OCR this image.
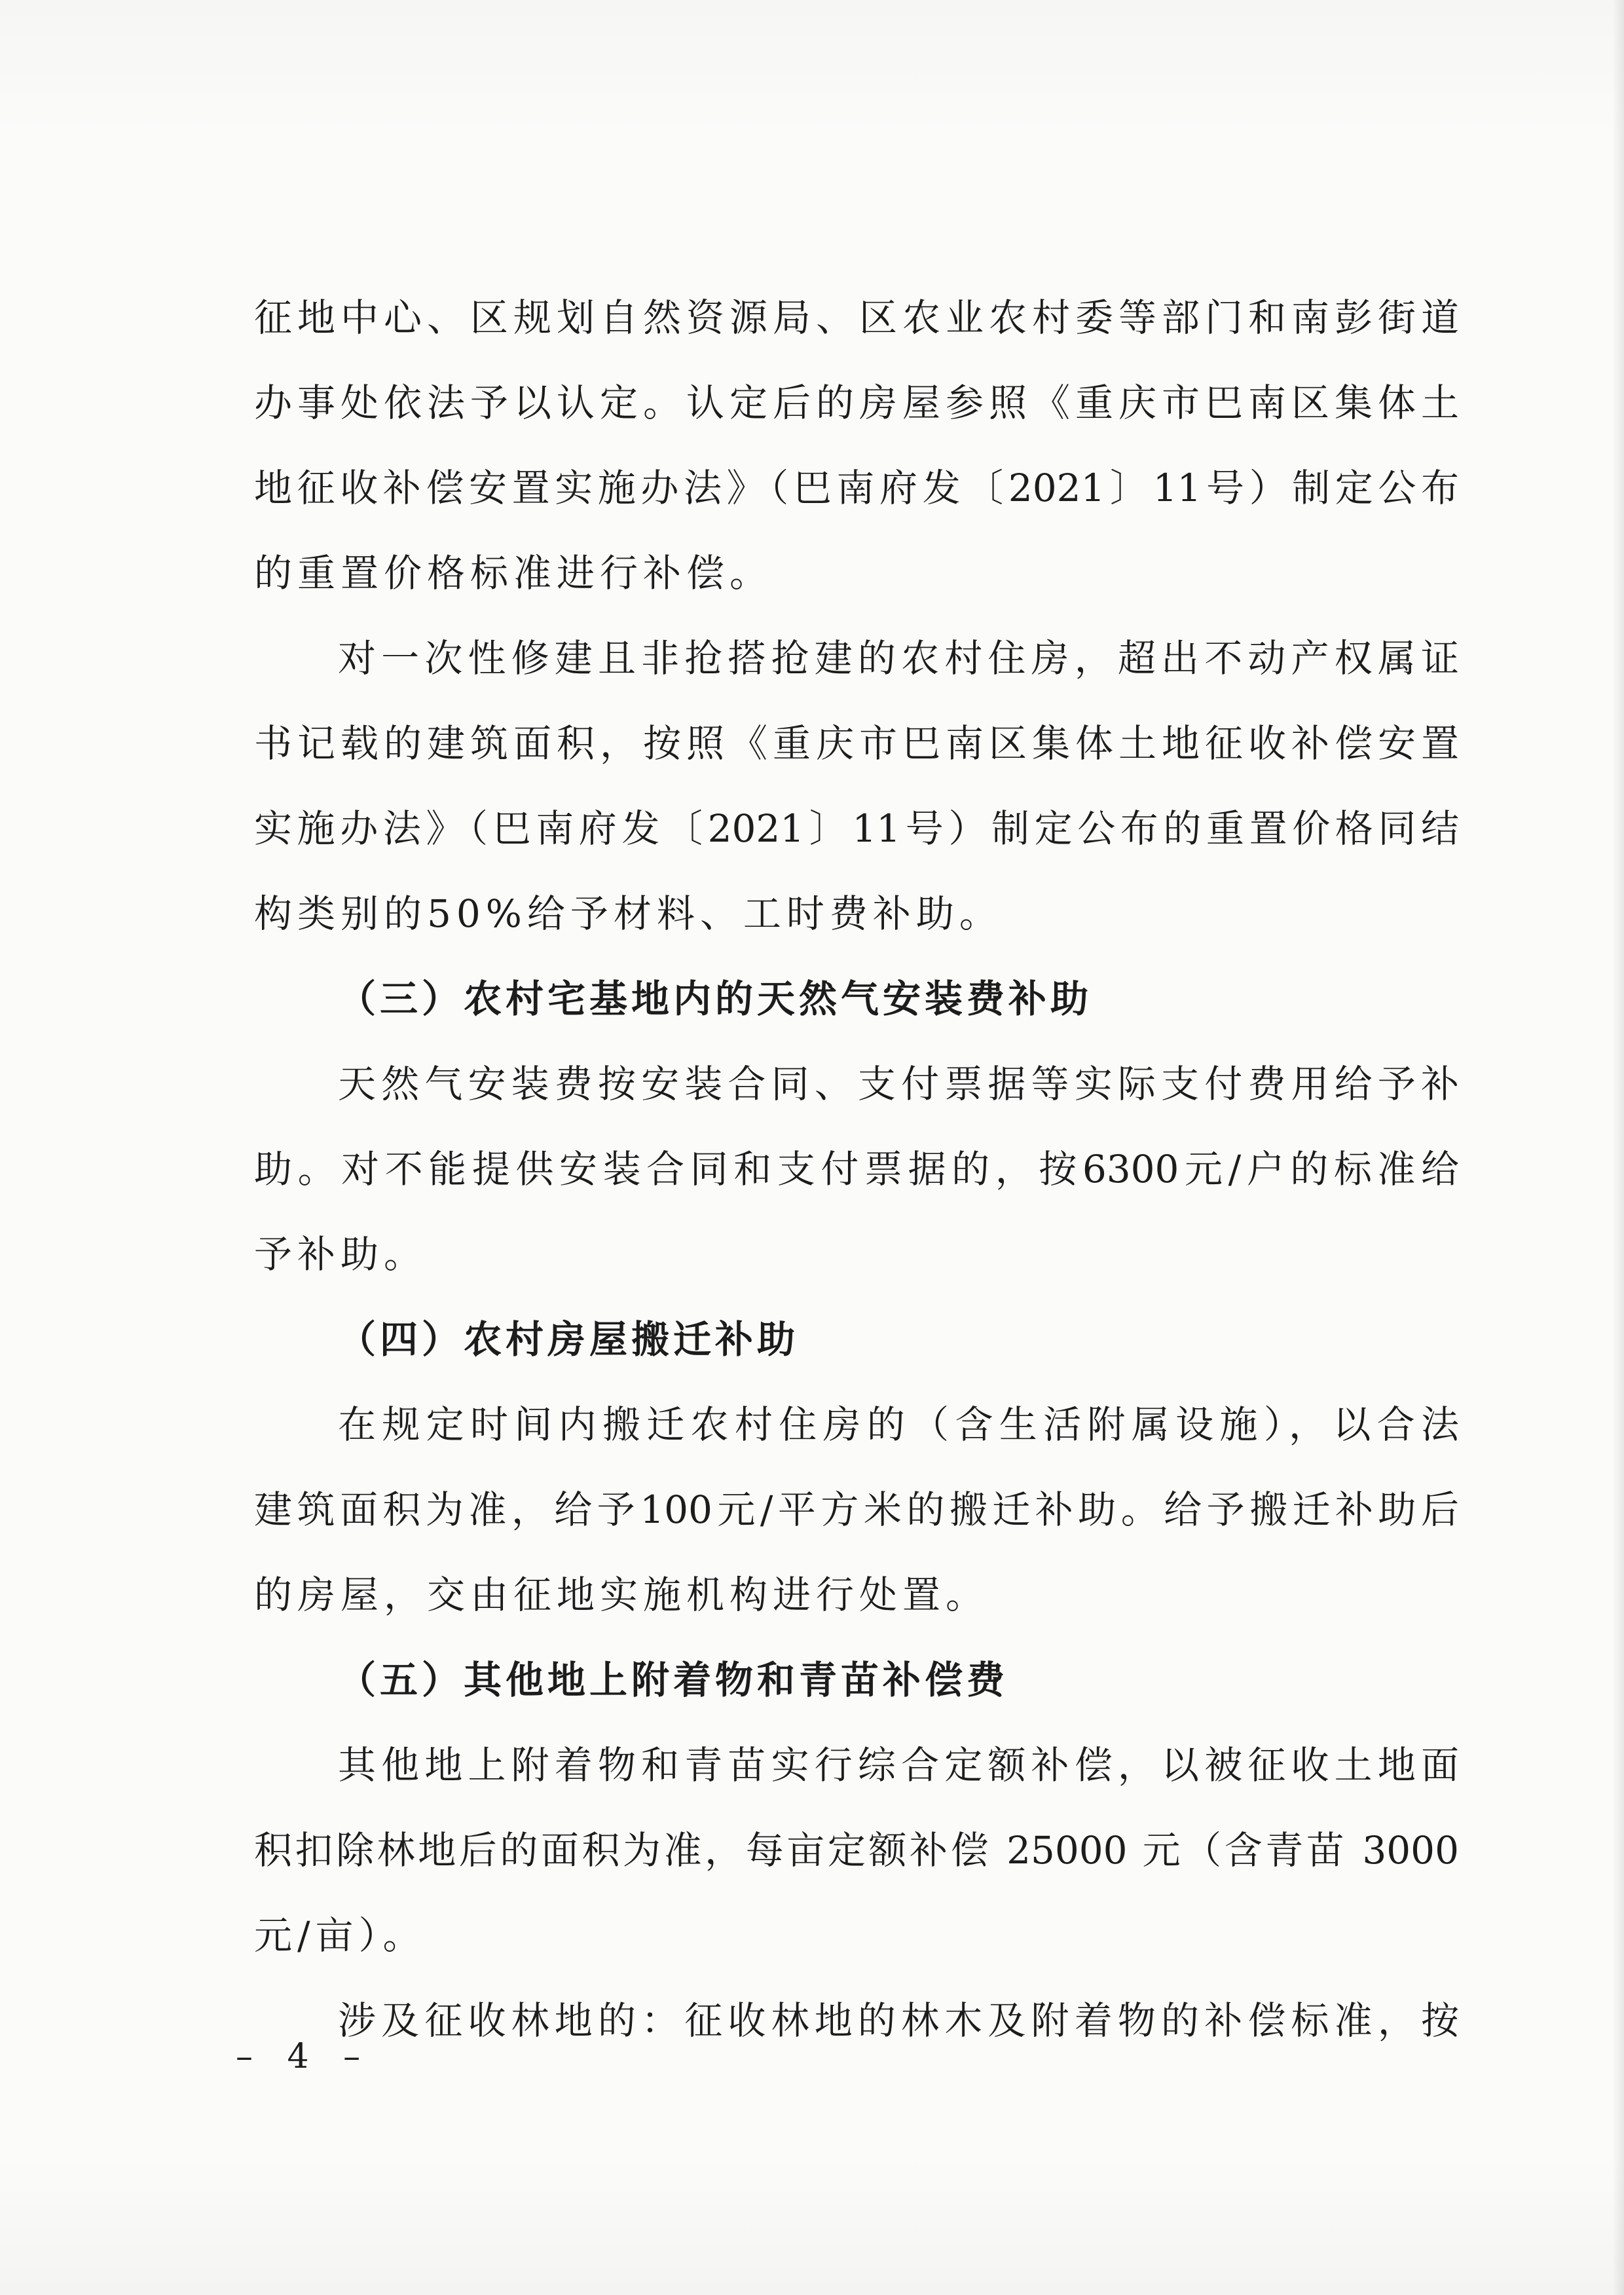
征地中心、区规划自然资源局、区农业农村委等部门和南彭街道
办事处依法予以认定。认定后的房屋参照《重庆市巴南区集体土
地征收补偿安置实施办法》（巴南府发〔2021〕11号）制定公布
的重置价格标准进行补偿。
对一次性修建且非抢搭抢建的农村住房，超出不动产权属证
书记载的建筑面积，按照《重庆市巴南区集体土地征收补偿安置
实施办法》（巴南府发〔2021〕11号）制定公布的重置价格同结
构类别的50%给予材料、工时费补助。
（三）农村宅基地内的天然气安装费补助
天然气安装费按安装合同、支付票据等实际支付费用给予补
助。对不能提供安装合同和支付票据的，按6300元/户的标准给
予补助。
（四）农村房屋搬迁补助
在规定时间内搬迁农村住房的（含生活附属设施），以合法
建筑面积为准，给予100元/平方米的搬迁补助。给予搬迁补助后
的房屋，交由征地实施机构进行处置。
（五）其他地上附着物和青苗补偿费
其他地上附着物和青苗实行综合定额补偿，以被征收土地面
积扣除林地后的面积为准，每亩定额补偿 25000 元（含青苗 3000
元/亩）。
涉及征收林地的：征收林地的林木及附着物的补偿标准，按
– 4 –
